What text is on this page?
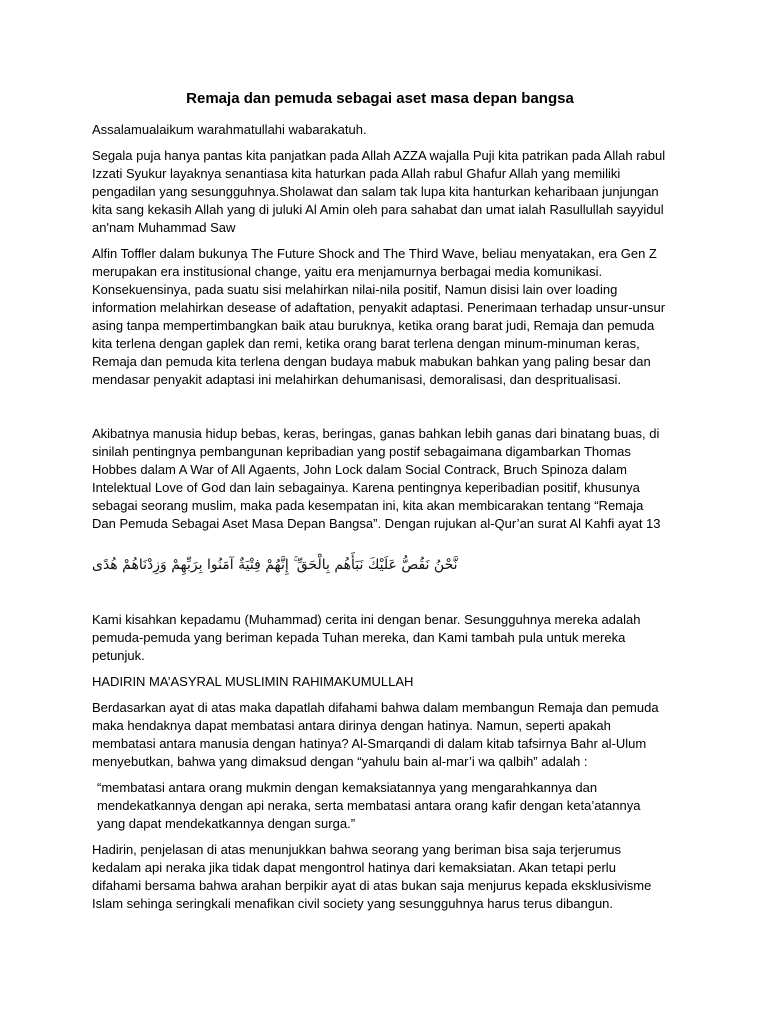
Remaja dan pemuda sebagai aset masa depan bangsa

Assalamualaikum warahmatullahi wabarakatuh.

Segala puja hanya pantas kita panjatkan pada Allah AZZA wajalla Puji kita patrikan pada Allah rabul Izzati Syukur layaknya senantiasa kita haturkan pada Allah rabul Ghafur Allah yang memiliki pengadilan yang sesungguhnya.Sholawat dan salam tak lupa kita hanturkan keharibaan junjungan kita sang kekasih Allah yang di juluki Al Amin oleh para sahabat dan umat ialah Rasullullah sayyidul an'nam Muhammad Saw

Alfin Toffler dalam bukunya The Future Shock and The Third Wave, beliau menyatakan, era Gen Z merupakan era institusional change, yaitu era menjamurnya berbagai media komunikasi. Konsekuensinya, pada suatu sisi melahirkan nilai-nila positif, Namun disisi lain over loading information melahirkan desease of adaftation, penyakit adaptasi. Penerimaan terhadap unsur-unsur asing tanpa mempertimbangkan baik atau buruknya, ketika orang barat judi, Remaja dan pemuda kita terlena dengan gaplek dan remi, ketika orang barat terlena dengan minum-minuman keras, Remaja dan pemuda kita terlena dengan budaya mabuk mabukan bahkan yang paling besar dan mendasar penyakit adaptasi ini melahirkan dehumanisasi, demoralisasi, dan despritualisasi.

Akibatnya manusia hidup bebas, keras, beringas, ganas bahkan lebih ganas dari binatang buas, di sinilah pentingnya pembangunan kepribadian yang postif sebagaimana digambarkan Thomas Hobbes dalam A War of All Agaents, John Lock dalam Social Contrack, Bruch Spinoza dalam Intelektual Love of God dan lain sebagainya. Karena pentingnya keperibadian positif, khusunya sebagai seorang muslim, maka pada kesempatan ini, kita akan membicarakan tentang “Remaja Dan Pemuda Sebagai Aset Masa Depan Bangsa”. Dengan rujukan al-Qur’an surat Al Kahfi ayat 13

نَّحْنُ نَقُصُّ عَلَيْكَ نَبَأَهُم بِالْحَقِّ ۚ إِنَّهُمْ فِتْيَةٌ آمَنُوا بِرَبِّهِمْ وَزِدْنَاهُمْ هُدًى

Kami kisahkan kepadamu (Muhammad) cerita ini dengan benar. Sesungguhnya mereka adalah pemuda-pemuda yang beriman kepada Tuhan mereka, dan Kami tambah pula untuk mereka petunjuk.

HADIRIN MA’ASYRAL MUSLIMIN RAHIMAKUMULLAH

Berdasarkan ayat di atas maka dapatlah difahami bahwa dalam membangun Remaja dan pemuda maka hendaknya dapat membatasi antara dirinya dengan hatinya. Namun, seperti apakah membatasi antara manusia dengan hatinya? Al-Smarqandi di dalam kitab tafsirnya Bahr al-Ulum menyebutkan, bahwa yang dimaksud dengan “yahulu bain al-mar’i wa qalbih” adalah :

“membatasi antara orang mukmin dengan kemaksiatannya yang mengarahkannya dan mendekatkannya dengan api neraka, serta membatasi antara orang kafir dengan keta’atannya yang dapat mendekatkannya dengan surga.”

Hadirin, penjelasan di atas menunjukkan bahwa seorang yang beriman bisa saja terjerumus kedalam api neraka jika tidak dapat mengontrol hatinya dari kemaksiatan. Akan tetapi perlu difahami bersama bahwa arahan berpikir ayat di atas bukan saja menjurus kepada eksklusivisme Islam sehinga seringkali menafikan civil society yang sesungguhnya harus terus dibangun.
